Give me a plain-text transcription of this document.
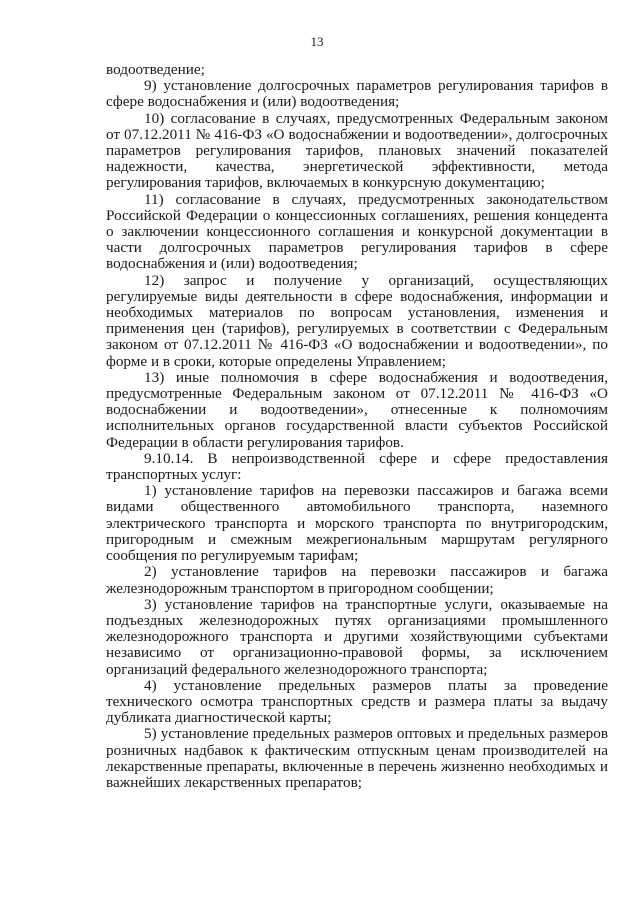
13

водоотведение;

9) установление долгосрочных параметров регулирования тарифов в сфере водоснабжения и (или) водоотведения;

10) согласование в случаях, предусмотренных Федеральным законом от 07.12.2011 № 416-ФЗ «О водоснабжении и водоотведении», долгосрочных параметров регулирования тарифов, плановых значений показателей надежности, качества, энергетической эффективности, метода регулирования тарифов, включаемых в конкурсную документацию;

11) согласование в случаях, предусмотренных законодательством Российской Федерации о концессионных соглашениях, решения концедента о заключении концессионного соглашения и конкурсной документации в части долгосрочных параметров регулирования тарифов в сфере водоснабжения и (или) водоотведения;

12) запрос и получение у организаций, осуществляющих регулируемые виды деятельности в сфере водоснабжения, информации и необходимых материалов по вопросам установления, изменения и применения цен (тарифов), регулируемых в соответствии с Федеральным законом от 07.12.2011 № 416-ФЗ «О водоснабжении и водоотведении», по форме и в сроки, которые определены Управлением;

13) иные полномочия в сфере водоснабжения и водоотведения, предусмотренные Федеральным законом от 07.12.2011 № 416-ФЗ «О водоснабжении и водоотведении», отнесенные к полномочиям исполнительных органов государственной власти субъектов Российской Федерации в области регулирования тарифов.

9.10.14. В непроизводственной сфере и сфере предоставления транспортных услуг:

1) установление тарифов на перевозки пассажиров и багажа всеми видами общественного автомобильного транспорта, наземного электрического транспорта и морского транспорта по внутригородским, пригородным и смежным межрегиональным маршрутам регулярного сообщения по регулируемым тарифам;

2) установление тарифов на перевозки пассажиров и багажа железнодорожным транспортом в пригородном сообщении;

3) установление тарифов на транспортные услуги, оказываемые на подъездных железнодорожных путях организациями промышленного железнодорожного транспорта и другими хозяйствующими субъектами независимо от организационно-правовой формы, за исключением организаций федерального железнодорожного транспорта;

4) установление предельных размеров платы за проведение технического осмотра транспортных средств и размера платы за выдачу дубликата диагностической карты;

5) установление предельных размеров оптовых и предельных размеров розничных надбавок к фактическим отпускным ценам производителей на лекарственные препараты, включенные в перечень жизненно необходимых и важнейших лекарственных препаратов;
